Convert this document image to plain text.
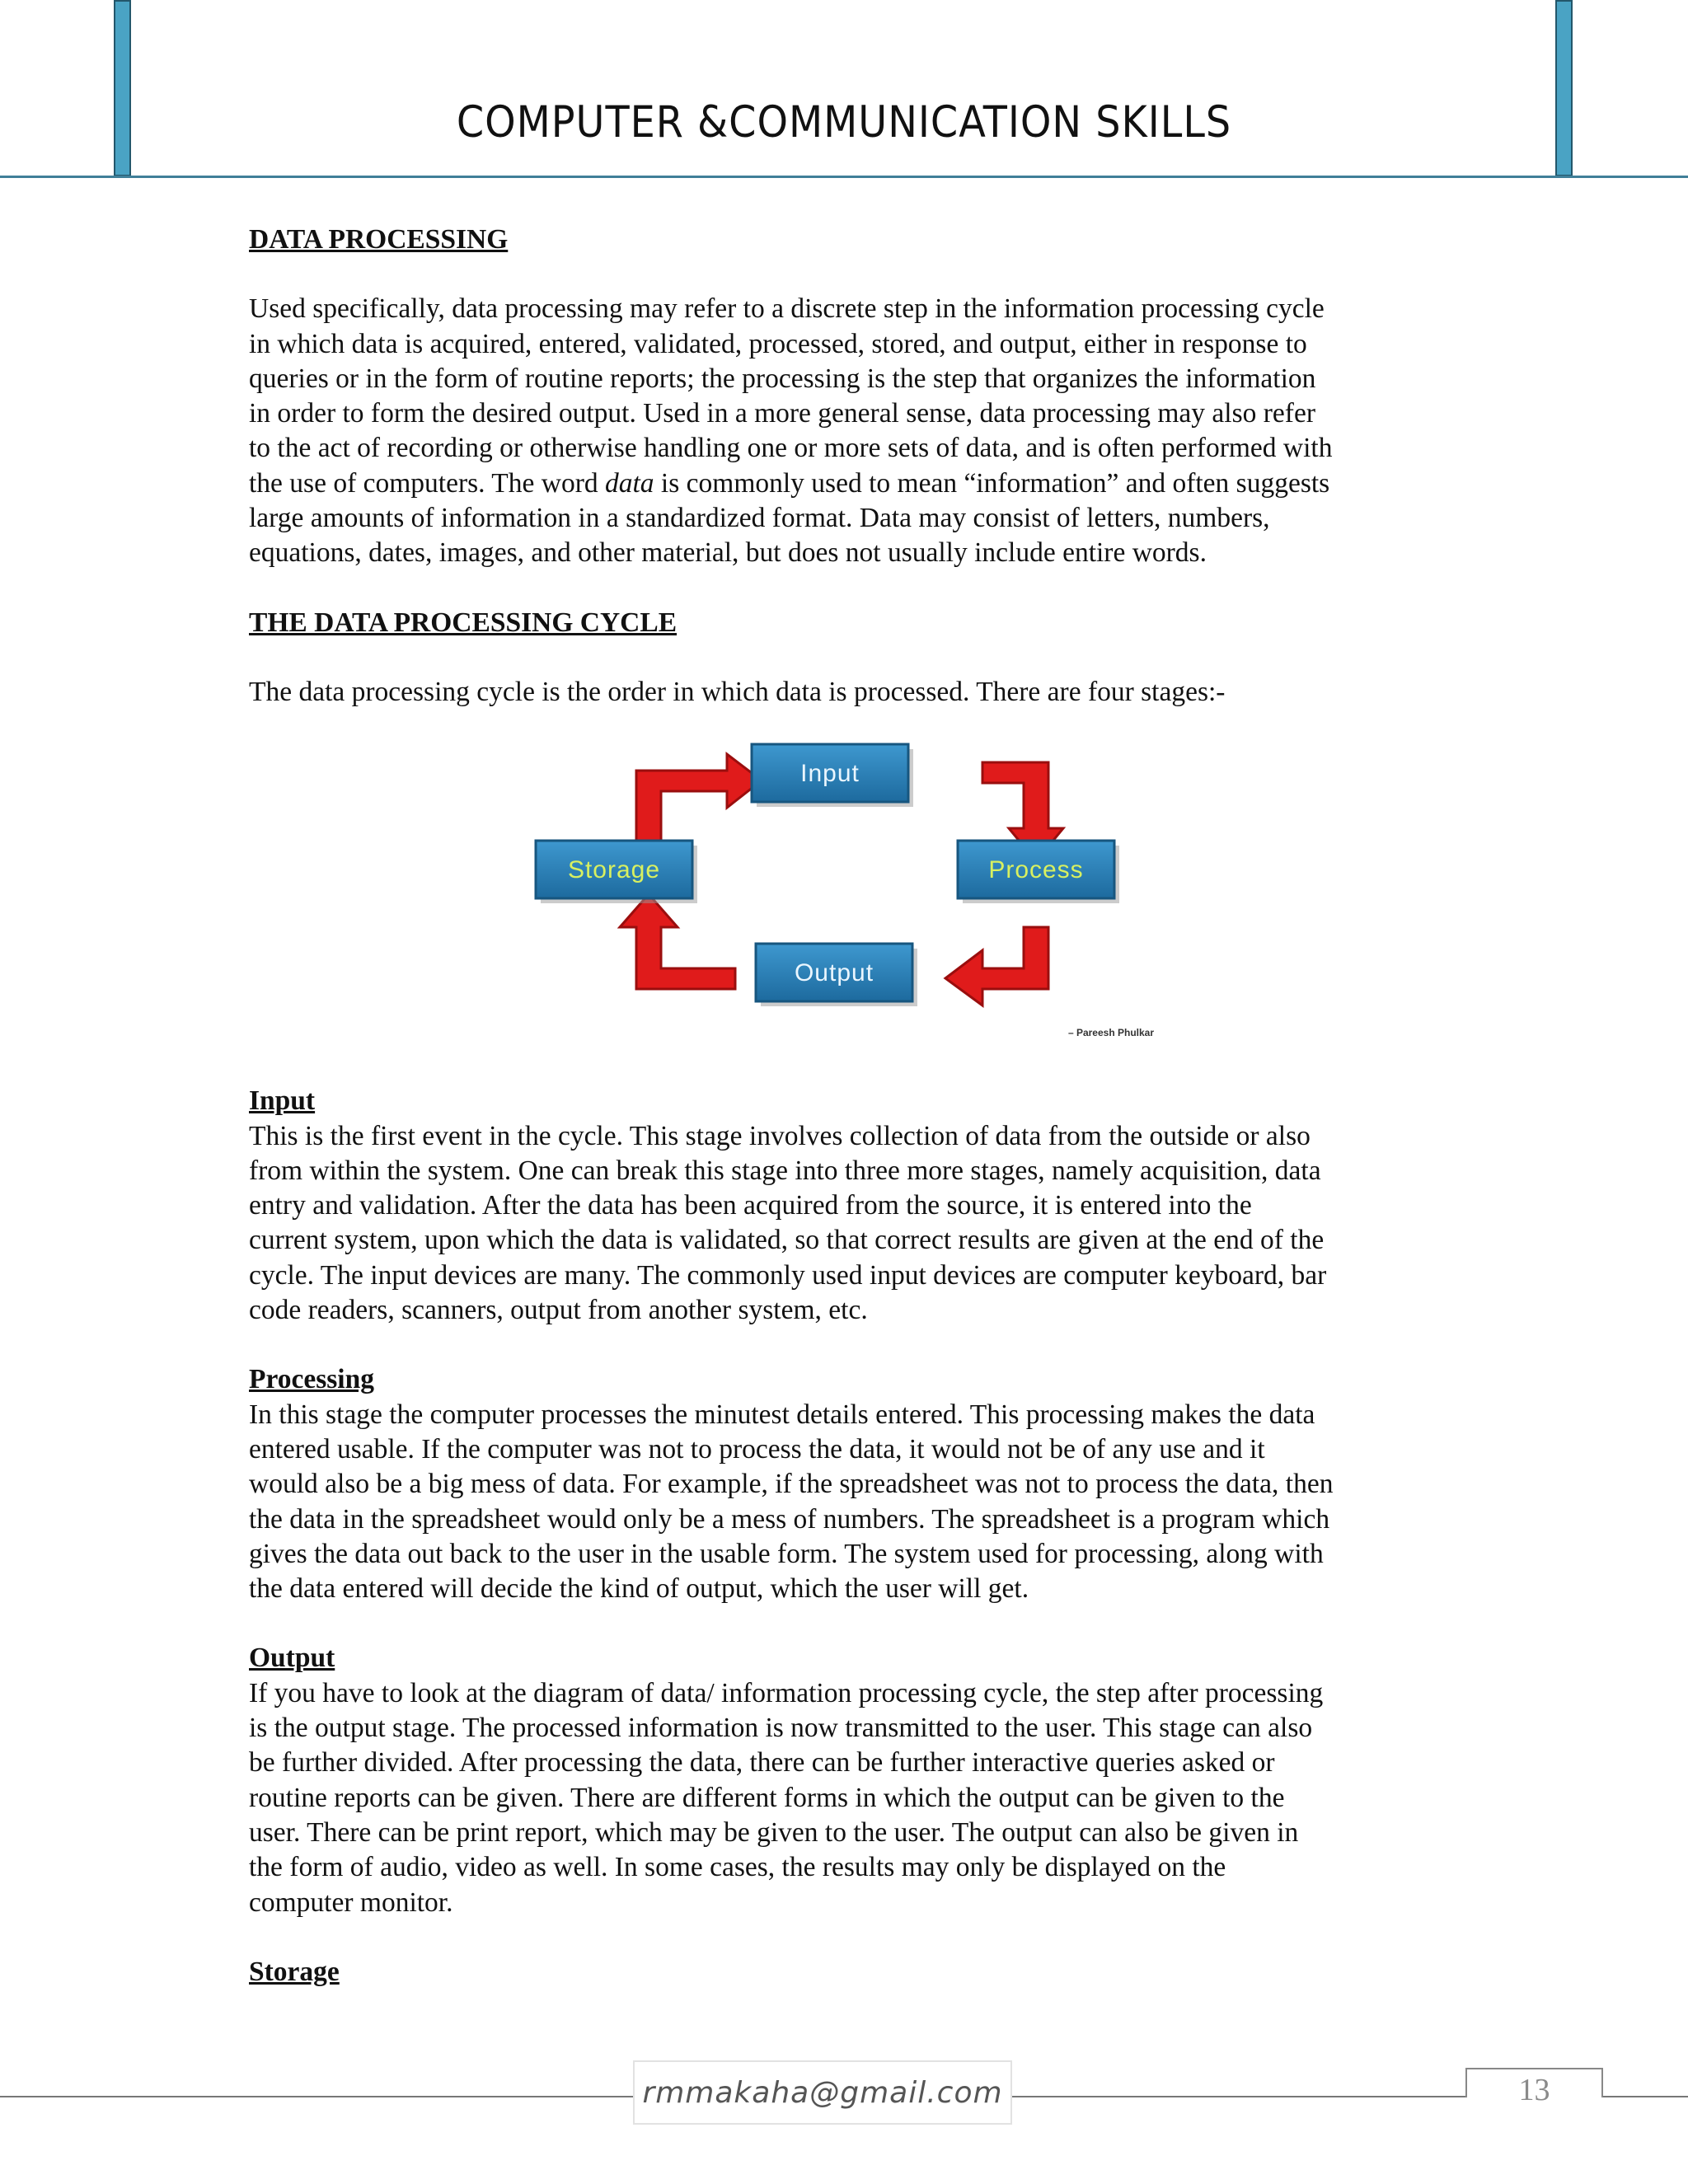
COMPUTER &COMMUNICATION SKILLS

DATA PROCESSING

Used specifically, data processing may refer to a discrete step in the information processing cycle
in which data is acquired, entered, validated, processed, stored, and output, either in response to
queries or in the form of routine reports; the processing is the step that organizes the information
in order to form the desired output. Used in a more general sense, data processing may also refer
to the act of recording or otherwise handling one or more sets of data, and is often performed with
the use of computers. The word data is commonly used to mean “information” and often suggests
large amounts of information in a standardized format. Data may consist of letters, numbers,
equations, dates, images, and other material, but does not usually include entire words.

THE DATA PROCESSING CYCLE

The data processing cycle is the order in which data is processed. There are four stages:-

Input
Storage	Process
Output
– Pareesh Phulkar

Input

This is the first event in the cycle. This stage involves collection of data from the outside or also
from within the system. One can break this stage into three more stages, namely acquisition, data
entry and validation. After the data has been acquired from the source, it is entered into the
current system, upon which the data is validated, so that correct results are given at the end of the
cycle. The input devices are many. The commonly used input devices are computer keyboard, bar
code readers, scanners, output from another system, etc.

Processing

In this stage the computer processes the minutest details entered. This processing makes the data
entered usable. If the computer was not to process the data, it would not be of any use and it
would also be a big mess of data. For example, if the spreadsheet was not to process the data, then
the data in the spreadsheet would only be a mess of numbers. The spreadsheet is a program which
gives the data out back to the user in the usable form. The system used for processing, along with
the data entered will decide the kind of output, which the user will get.

Output

If you have to look at the diagram of data/ information processing cycle, the step after processing
is the output stage. The processed information is now transmitted to the user. This stage can also
be further divided. After processing the data, there can be further interactive queries asked or
routine reports can be given. There are different forms in which the output can be given to the
user. There can be print report, which may be given to the user. The output can also be given in
the form of audio, video as well. In some cases, the results may only be displayed on the
computer monitor.

Storage

rmmakaha@gmail.com	13
